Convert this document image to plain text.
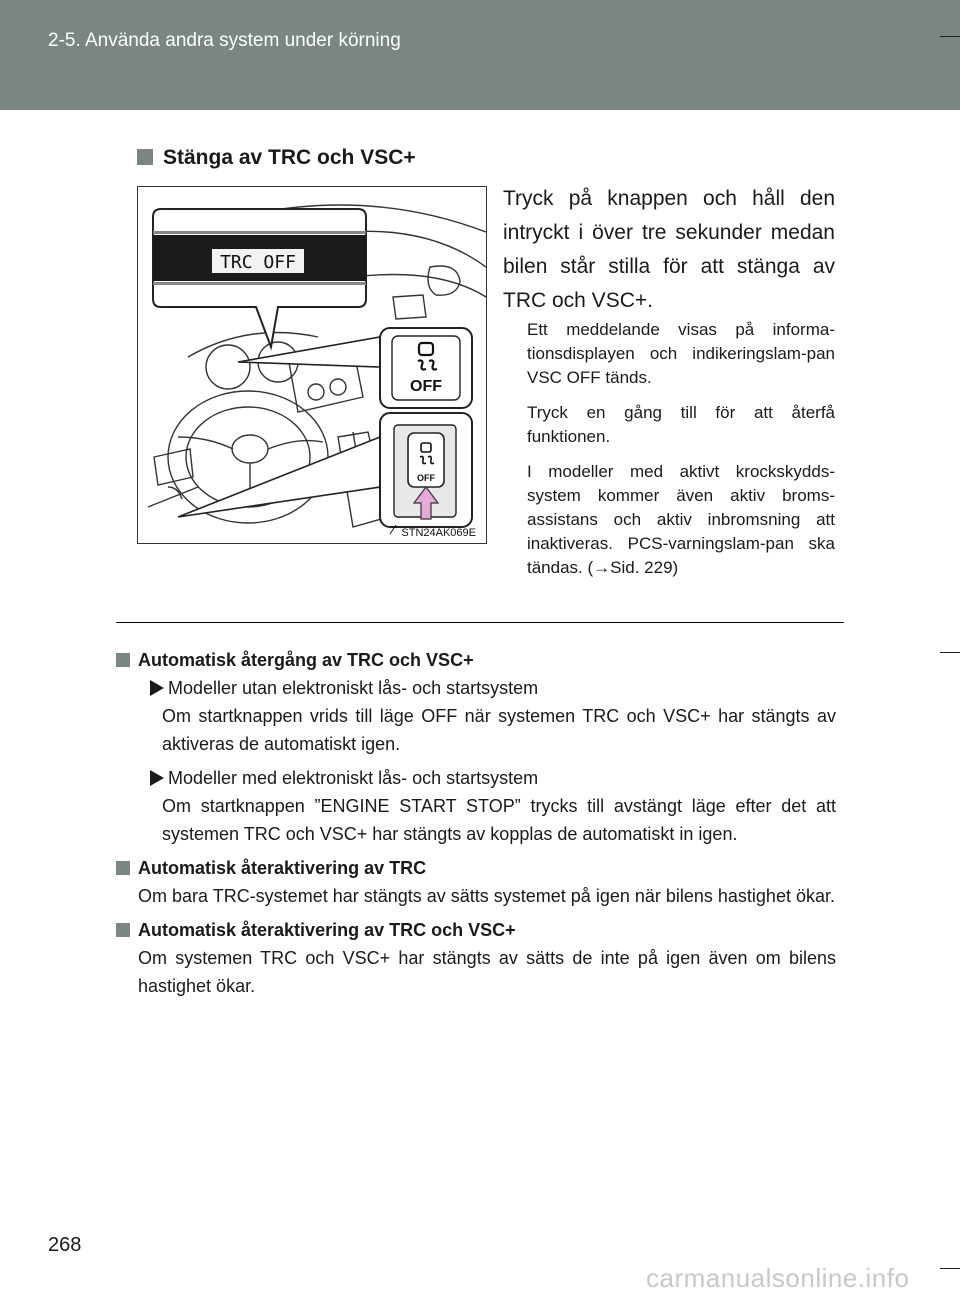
2-5. Använda andra system under körning
Stänga av TRC och VSC+
TRC OFF
OFF
OFF
STN24AK069E
Tryck på knappen och håll den intryckt i över tre sekunder medan bilen står stilla för att stänga av TRC och VSC+.

Ett meddelande visas på informa-tionsdisplayen och indikeringslam-pan VSC OFF tänds.

Tryck en gång till för att återfå funktionen.

I modeller med aktivt krockskydds-system kommer även aktiv broms-assistans och aktiv inbromsning att inaktiveras. PCS-varningslam-pan ska tändas. (→Sid. 229)

Automatisk återgång av TRC och VSC+

Modeller utan elektroniskt lås- och startsystem

Om startknappen vrids till läge OFF när systemen TRC och VSC+ har stängts av aktiveras de automatiskt igen.

Modeller med elektroniskt lås- och startsystem

Om startknappen ”ENGINE START STOP” trycks till avstängt läge efter det att systemen TRC och VSC+ har stängts av kopplas de automatiskt in igen.

Automatisk återaktivering av TRC

Om bara TRC-systemet har stängts av sätts systemet på igen när bilens hastighet ökar.

Automatisk återaktivering av TRC och VSC+

Om systemen TRC och VSC+ har stängts av sätts de inte på igen även om bilens hastighet ökar.

268
carmanualsonline.info
